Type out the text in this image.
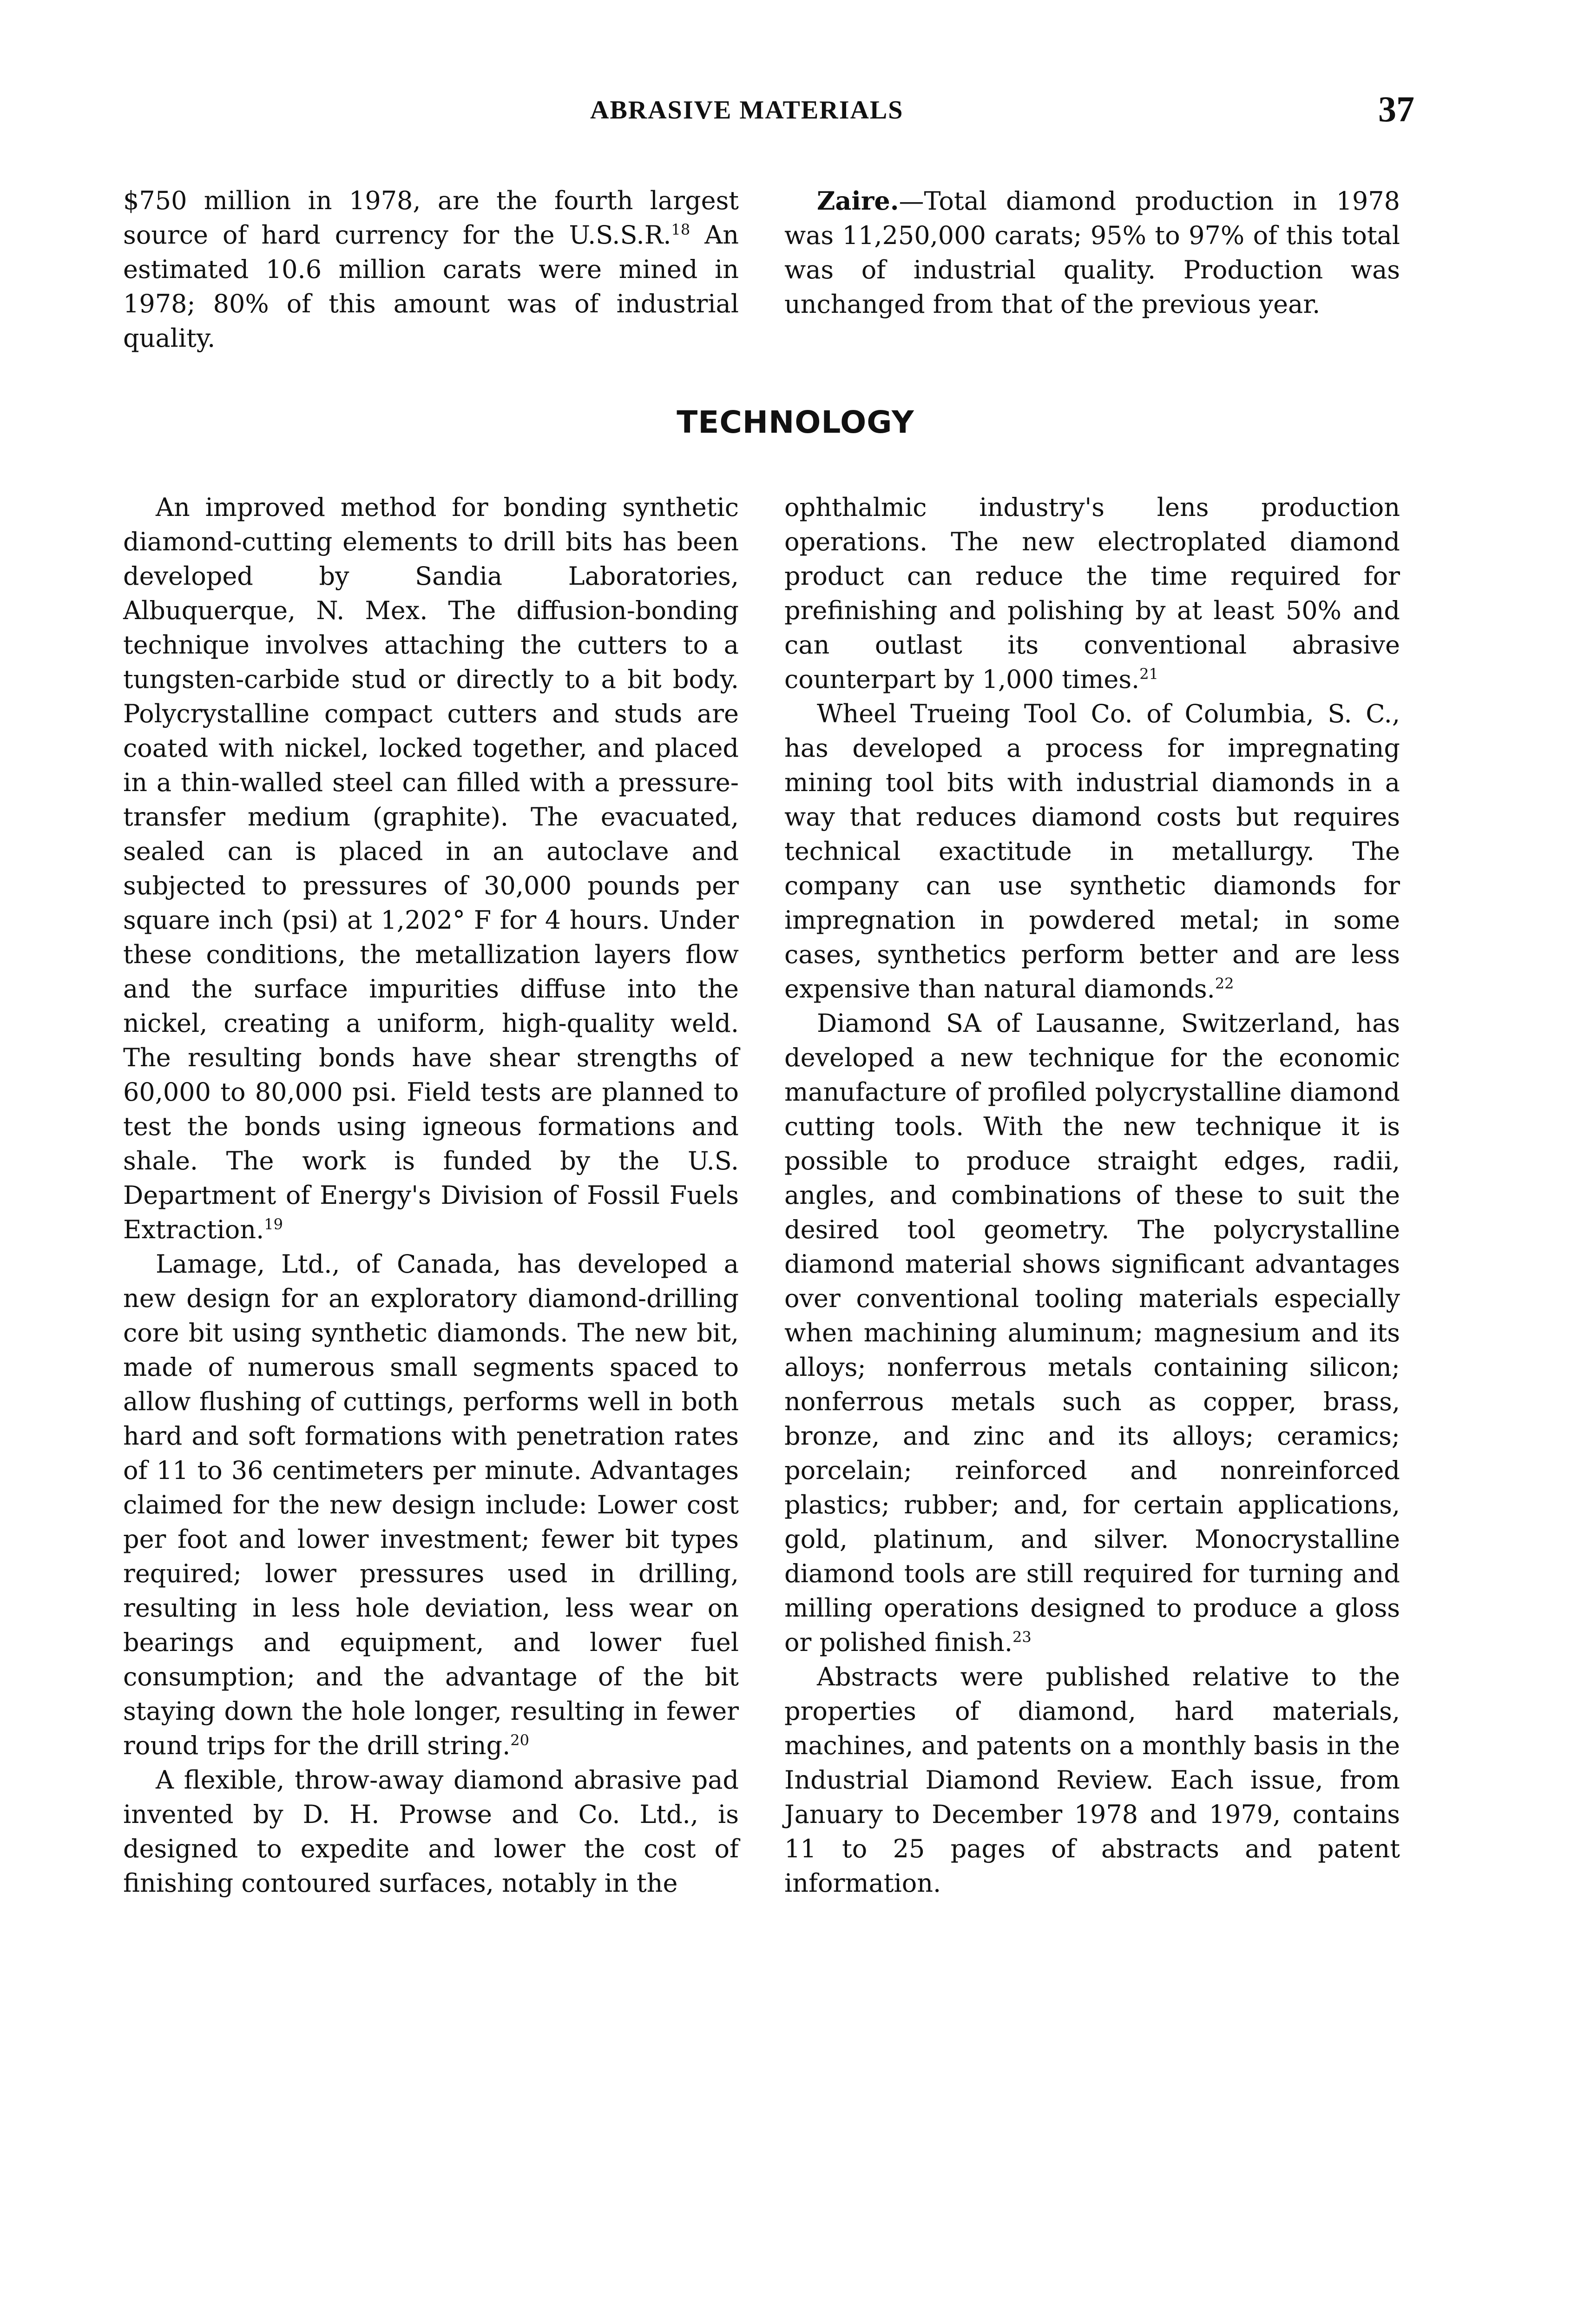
ABRASIVE MATERIALS	37

$750 million in 1978, are the fourth largest source of hard currency for the U.S.S.R.$^{18}$ An estimated 10.6 million carats were mined in 1978; 80% of this amount was of industrial quality.

Zaire.—Total diamond production in 1978 was 11,250,000 carats; 95% to 97% of this total was of industrial quality. Production was unchanged from that of the previous year.

TECHNOLOGY

An improved method for bonding synthetic diamond-cutting elements to drill bits has been developed by Sandia Laboratories, Albuquerque, N. Mex. The diffusion-bonding technique involves attaching the cutters to a tungsten-carbide stud or directly to a bit body. Polycrystalline compact cutters and studs are coated with nickel, locked together, and placed in a thin-walled steel can filled with a pressure-transfer medium (graphite). The evacuated, sealed can is placed in an autoclave and subjected to pressures of 30,000 pounds per square inch (psi) at 1,202° F for 4 hours. Under these conditions, the metallization layers flow and the surface impurities diffuse into the nickel, creating a uniform, high-quality weld. The resulting bonds have shear strengths of 60,000 to 80,000 psi. Field tests are planned to test the bonds using igneous formations and shale. The work is funded by the U.S. Department of Energy's Division of Fossil Fuels Extraction.$^{19}$

Lamage, Ltd., of Canada, has developed a new design for an exploratory diamond-drilling core bit using synthetic diamonds. The new bit, made of numerous small segments spaced to allow flushing of cuttings, performs well in both hard and soft formations with penetration rates of 11 to 36 centimeters per minute. Advantages claimed for the new design include: Lower cost per foot and lower investment; fewer bit types required; lower pressures used in drilling, resulting in less hole deviation, less wear on bearings and equipment, and lower fuel consumption; and the advantage of the bit staying down the hole longer, resulting in fewer round trips for the drill string.$^{20}$

A flexible, throw-away diamond abrasive pad invented by D. H. Prowse and Co. Ltd., is designed to expedite and lower the cost of finishing contoured surfaces, notably in the

ophthalmic industry's lens production operations. The new electroplated diamond product can reduce the time required for prefinishing and polishing by at least 50% and can outlast its conventional abrasive counterpart by 1,000 times.$^{21}$

Wheel Trueing Tool Co. of Columbia, S. C., has developed a process for impregnating mining tool bits with industrial diamonds in a way that reduces diamond costs but requires technical exactitude in metallurgy. The company can use synthetic diamonds for impregnation in powdered metal; in some cases, synthetics perform better and are less expensive than natural diamonds.$^{22}$

Diamond SA of Lausanne, Switzerland, has developed a new technique for the economic manufacture of profiled polycrystalline diamond cutting tools. With the new technique it is possible to produce straight edges, radii, angles, and combinations of these to suit the desired tool geometry. The polycrystalline diamond material shows significant advantages over conventional tooling materials especially when machining aluminum; magnesium and its alloys; nonferrous metals containing silicon; nonferrous metals such as copper, brass, bronze, and zinc and its alloys; ceramics; porcelain; reinforced and nonreinforced plastics; rubber; and, for certain applications, gold, platinum, and silver. Monocrystalline diamond tools are still required for turning and milling operations designed to produce a gloss or polished finish.$^{23}$

Abstracts were published relative to the properties of diamond, hard materials, machines, and patents on a monthly basis in the Industrial Diamond Review. Each issue, from January to December 1978 and 1979, contains 11 to 25 pages of abstracts and patent information.
